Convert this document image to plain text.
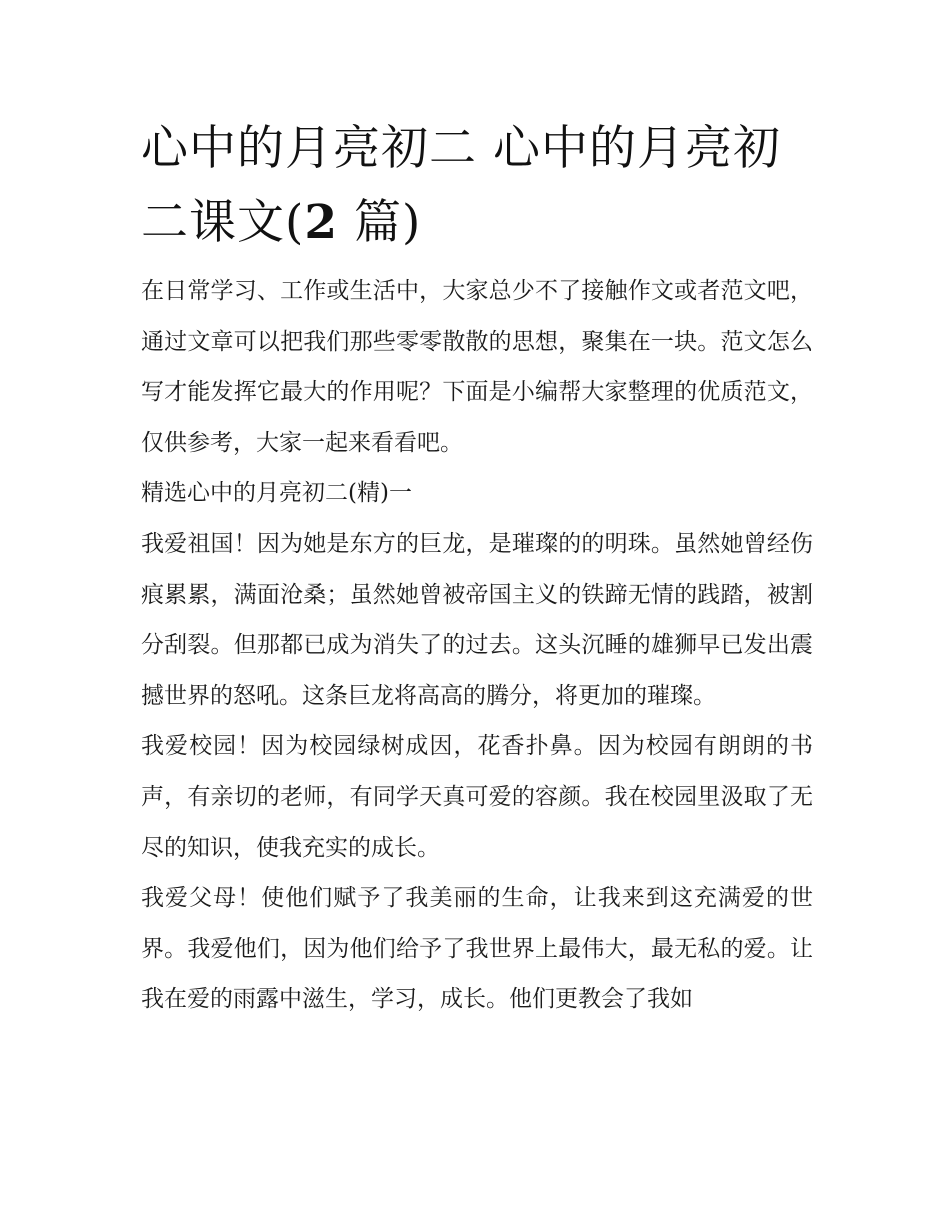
心中的月亮初二 心中的月亮初
二课文(2 篇)

在日常学习、工作或生活中，大家总少不了接触作文或者范文吧，通过文章可以把我们那些零零散散的思想，聚集在一块。范文怎么写才能发挥它最大的作用呢？下面是小编帮大家整理的优质范文，仅供参考，大家一起来看看吧。

精选心中的月亮初二(精)一

我爱祖国！因为她是东方的巨龙，是璀璨的的明珠。虽然她曾经伤痕累累，满面沧桑；虽然她曾被帝国主义的铁蹄无情的践踏，被割分刮裂。但那都已成为消失了的过去。这头沉睡的雄狮早已发出震撼世界的怒吼。这条巨龙将高高的腾分，将更加的璀璨。

我爱校园！因为校园绿树成因，花香扑鼻。因为校园有朗朗的书声，有亲切的老师，有同学天真可爱的容颜。我在校园里汲取了无尽的知识，使我充实的成长。

我爱父母！使他们赋予了我美丽的生命，让我来到这充满爱的世界。我爱他们，因为他们给予了我世界上最伟大，最无私的爱。让我在爱的雨露中滋生，学习，成长。他们更教会了我如
